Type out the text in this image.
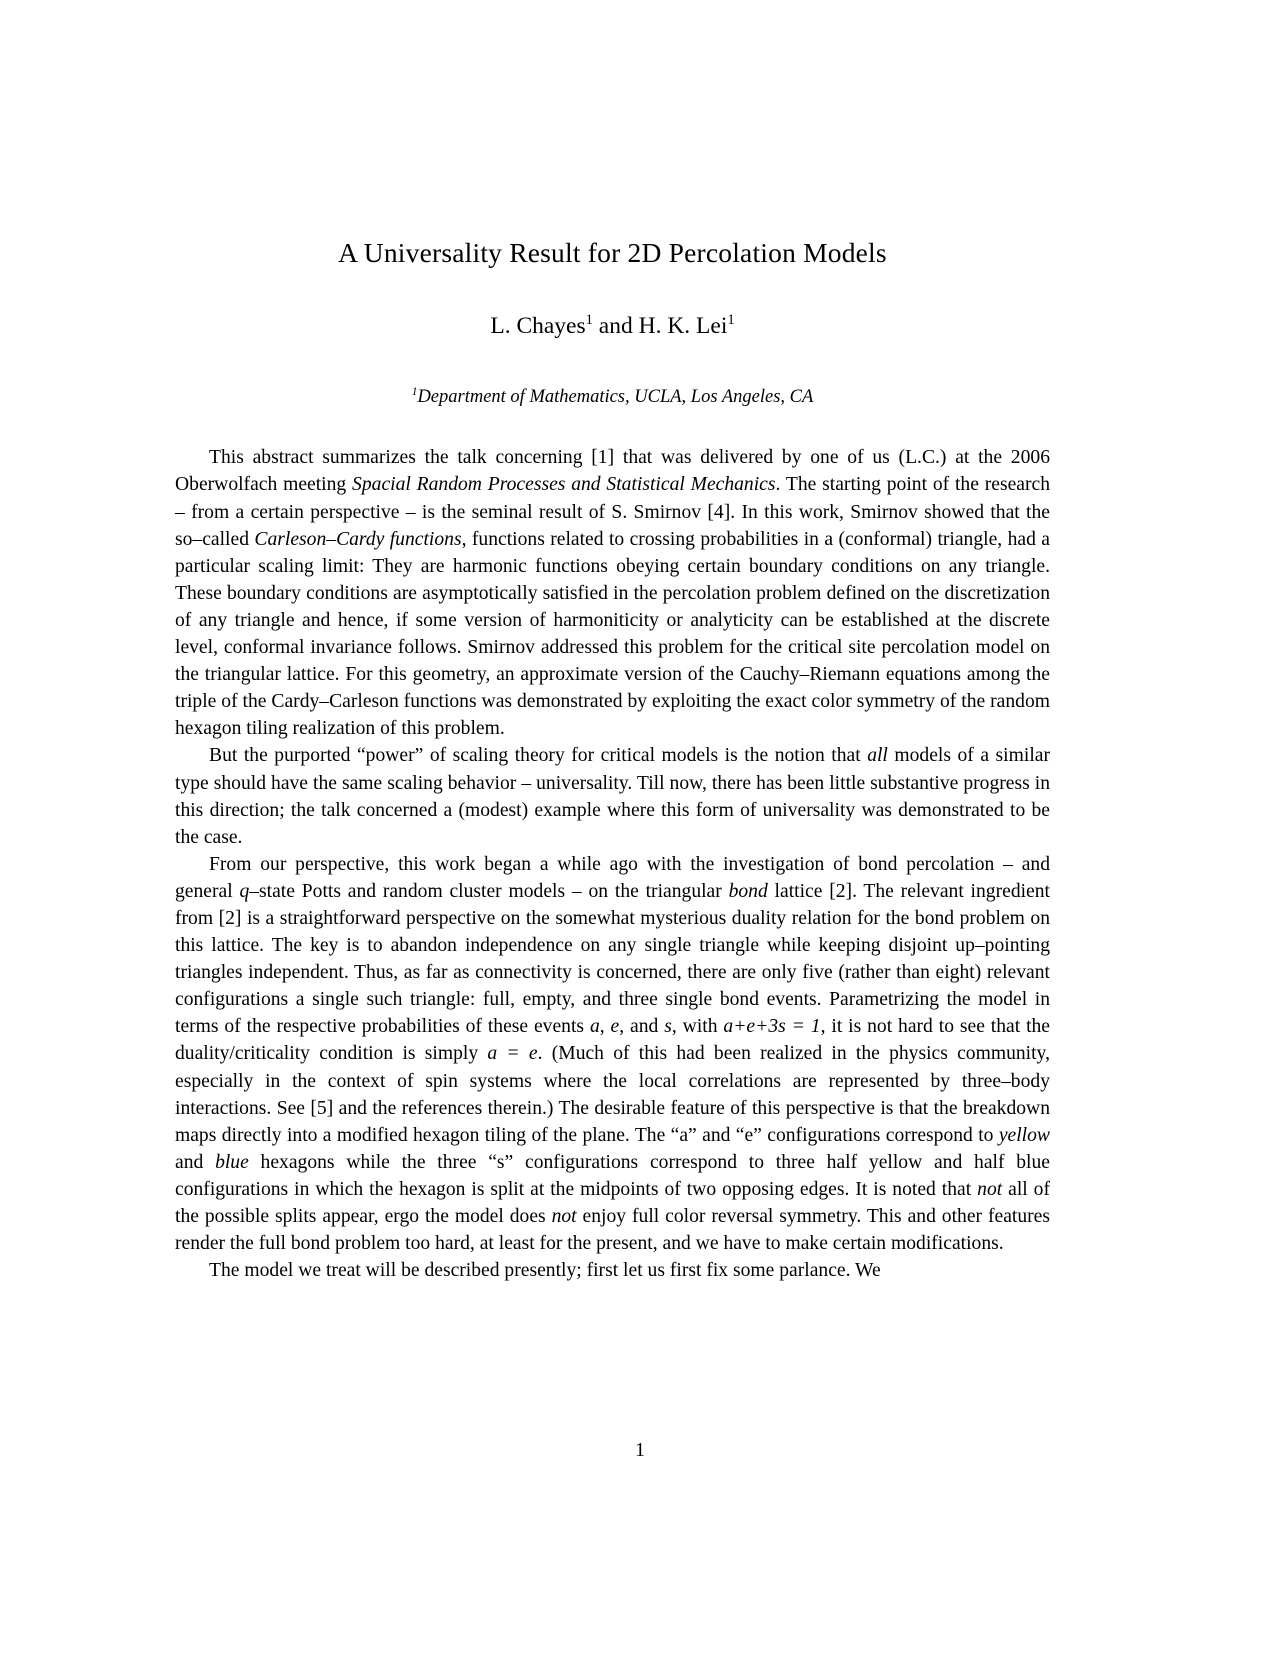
A Universality Result for 2D Percolation Models
L. Chayes$^1$ and H. K. Lei$^1$
$^1$Department of Mathematics, UCLA, Los Angeles, CA

This abstract summarizes the talk concerning [1] that was delivered by one of us (L.C.) at the 2006 Oberwolfach meeting Spacial Random Processes and Statistical Mechanics. The starting point of the research – from a certain perspective – is the seminal result of S. Smirnov [4]. In this work, Smirnov showed that the so–called Carleson–Cardy functions, functions related to crossing probabilities in a (conformal) triangle, had a particular scaling limit: They are harmonic functions obeying certain boundary conditions on any triangle. These boundary conditions are asymptotically satisfied in the percolation problem defined on the discretization of any triangle and hence, if some version of harmoniticity or analyticity can be established at the discrete level, conformal invariance follows. Smirnov addressed this problem for the critical site percolation model on the triangular lattice. For this geometry, an approximate version of the Cauchy–Riemann equations among the triple of the Cardy–Carleson functions was demonstrated by exploiting the exact color symmetry of the random hexagon tiling realization of this problem.

But the purported “power” of scaling theory for critical models is the notion that all models of a similar type should have the same scaling behavior – universality. Till now, there has been little substantive progress in this direction; the talk concerned a (modest) example where this form of universality was demonstrated to be the case.

From our perspective, this work began a while ago with the investigation of bond percolation – and general q–state Potts and random cluster models – on the triangular bond lattice [2]. The relevant ingredient from [2] is a straightforward perspective on the somewhat mysterious duality relation for the bond problem on this lattice. The key is to abandon independence on any single triangle while keeping disjoint up–pointing triangles independent. Thus, as far as connectivity is concerned, there are only five (rather than eight) relevant configurations a single such triangle: full, empty, and three single bond events. Parametrizing the model in terms of the respective probabilities of these events a, e, and s, with a+e+3s = 1, it is not hard to see that the duality/criticality condition is simply a = e. (Much of this had been realized in the physics community, especially in the context of spin systems where the local correlations are represented by three–body interactions. See [5] and the references therein.) The desirable feature of this perspective is that the breakdown maps directly into a modified hexagon tiling of the plane. The “a” and “e” configurations correspond to yellow and blue hexagons while the three “s” configurations correspond to three half yellow and half blue configurations in which the hexagon is split at the midpoints of two opposing edges. It is noted that not all of the possible splits appear, ergo the model does not enjoy full color reversal symmetry. This and other features render the full bond problem too hard, at least for the present, and we have to make certain modifications.

The model we treat will be described presently; first let us first fix some parlance. We

1
